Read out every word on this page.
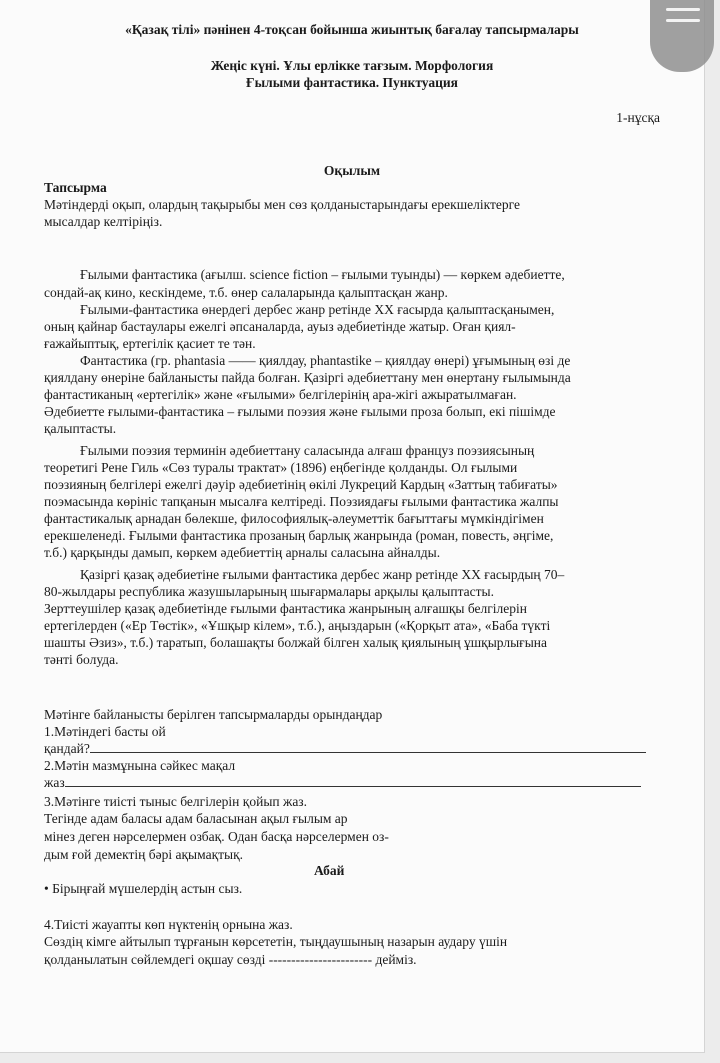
«Қазақ тілі» пәнінен 4-тоқсан бойынша жиынтық бағалау тапсырмалары

Жеңіс күні. Ұлы ерлікке тағзым. Морфология

Ғылыми фантастика. Пунктуация

1-нұсқа

Оқылым

Тапсырма

Мәтіндерді оқып, олардың тақырыбы мен сөз қолданыстарындағы ерекшеліктерге

мысалдар келтіріңіз.

Ғылыми фантастика (ағылш. science fiction – ғылыми туынды) — көркем әдебиетте,

сондай-ақ кино, кескіндеме, т.б. өнер салаларында қалыптасқан жанр.

Ғылыми-фантастика өнердегі дербес жанр ретінде XX ғасырда қалыптасқанымен,

оның қайнар бастаулары ежелгі әпсаналарда, ауыз әдебиетінде жатыр. Оған қиял-

ғажайыптық, ертегілік қасиет те тән.

Фантастика (гр. phantasia —— қиялдау, phantastike – қиялдау өнері) ұғымының өзі де

қиялдану өнеріне байланысты пайда болған. Қазіргі әдебиеттану мен өнертану ғылымында

фантастиканың «ертегілік» және «ғылыми» белгілерінің ара-жігі ажыратылмаған.

Әдебиетте ғылыми-фантастика – ғылыми поэзия және ғылыми проза болып, екі пішімде

қалыптасты.

Ғылыми поэзия терминін әдебиеттану саласында алғаш француз поэзиясының

теоретигі Рене Гиль «Сөз туралы трактат» (1896) еңбегінде қолданды. Ол ғылыми

поэзияның белгілері ежелгі дәуір әдебиетінің өкілі Лукреций Кардың «Заттың табиғаты»

поэмасында көрініс тапқанын мысалға келтіреді. Поэзиядағы ғылыми фантастика жалпы

фантастикалық арнадан бөлекше, философиялық-әлеуметтік бағыттағы мүмкіндігімен

ерекшеленеді. Ғылыми фантастика прозаның барлық жанрында (роман, повесть, әңгіме,

т.б.) қарқынды дамып, көркем әдебиеттің арналы саласына айналды.

Қазіргі қазақ әдебиетіне ғылыми фантастика дербес жанр ретінде XX ғасырдың 70–

80-жылдары республика жазушыларының шығармалары арқылы қалыптасты.

Зерттеушілер қазақ әдебиетінде ғылыми фантастика жанрының алғашқы белгілерін

ертегілерден («Ер Төстік», «Ұшқыр кілем», т.б.), аңыздарын («Қорқыт ата», «Баба түкті

шашты Әзиз», т.б.) таратып, болашақты болжай білген халық қиялының ұшқырлығына

тәнті болуда.

Мәтінге байланысты берілген тапсырмаларды орындаңдар

1.Мәтіндегі басты ой

қандай?

2.Мәтін мазмұнына сәйкес мақал

жаз

3.Мәтінге тиісті тыныс белгілерін қойып жаз.

Тегінде адам баласы адам баласынан ақыл ғылым ар

мінез деген нәрселермен озбақ. Одан басқа нәрселермен оз-

дым ғой демектің бәрі ақымақтық.

Абай

• Бірыңғай мүшелердің астын сыз.

4.Тиісті жауапты көп нүктенің орнына жаз.

Сөздің кімге айтылып тұрғанын көрсететін, тыңдаушының назарын аудару үшін

қолданылатын сөйлемдегі оқшау сөзді ----------------------- дейміз.
